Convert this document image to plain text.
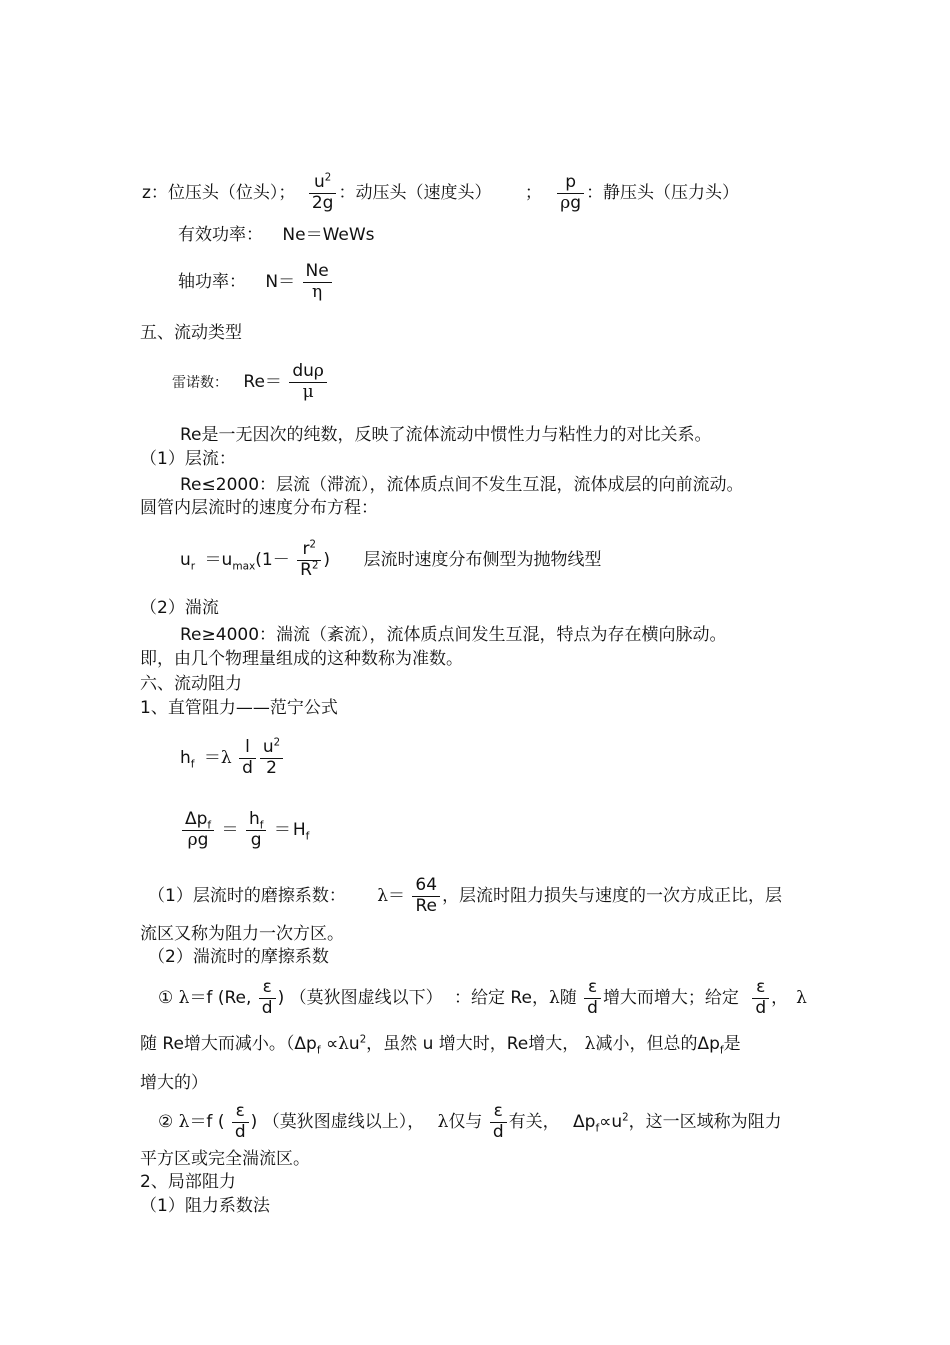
z：位压头（位头）； $\frac{u^2}{2g}$ ：动压头（速度头） ； $\frac{p}{\rho g}$ ：静压头（压力头）
有效功率： Ne＝WeWs
轴功率： $N= \frac{Ne}{\eta}$
五、流动类型
雷诺数： Re＝
duρ
μ
Re是一无因次的纯数，反映了流体流动中惯性力与粘性力的对比关系。
（1）层流：
Re≤2000：层流（滞流），流体质点间不发生互混，流体成层的向前流动。
圆管内层流时的速度分布方程：
$u_r =u_{max}(1- \frac{r^2}{R^2}$ ) 层流时速度分布侧型为抛物线型
（2）湍流
Re≥4000：湍流（紊流），流体质点间发生互混，特点为存在横向脉动。
即，由几个物理量组成的这种数称为准数。
六、流动阻力
1、直管阻力——范宁公式
$h_f =\lambda \frac{l}{d} \frac{u^2}{2}$
$\Delta p_f$
$\rho g = \frac{h_f}{g} = H_f$
（1）层流时的磨擦系数： $\lambda= \frac{64}{Re}$ ，层流时阻力损失与速度的一次方成正比，层
流区又称为阻力一次方区。
（2）湍流时的摩擦系数
① λ＝f (Re, $\frac{\varepsilon}{d}$ ) （莫狄图虚线以下） ：给定 Re，λ随 $\frac{\varepsilon}{d}$ 增大而增大；给定 $\frac{\varepsilon}{d}$ ， λ
随 Re增大而减小。（$\Delta p_f \propto\lambda u^2$，虽然 u 增大时，Re增大， λ减小，但总的$\Delta p_f$是
增大的）
② λ＝f ( $\frac{\varepsilon}{d}$ ) （莫狄图虚线以上）， λ仅与 $\frac{\varepsilon}{d}$ 有关， $\Delta p_f\propto u^2$，这一区域称为阻力
平方区或完全湍流区。
2、局部阻力
（1）阻力系数法
